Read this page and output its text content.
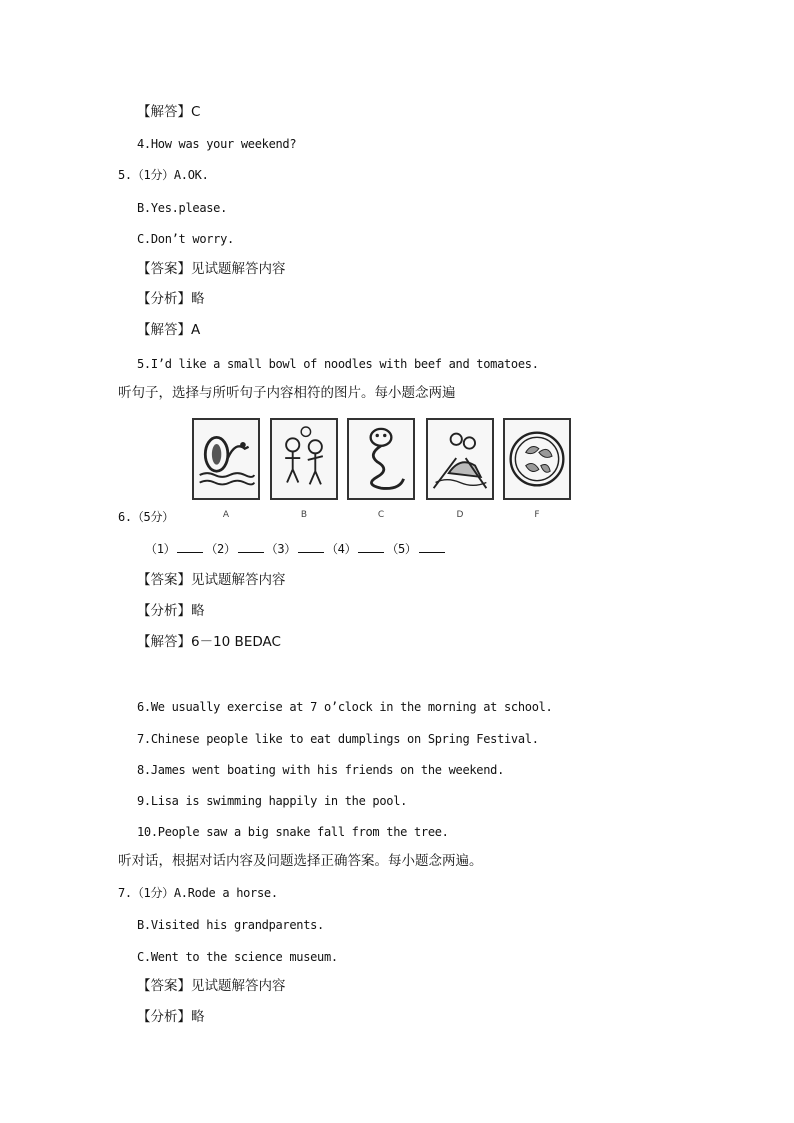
【解答】C
4.How was your weekend?
5.（1分）A.OK.
B.Yes.please.
C.Don’t worry.
【答案】见试题解答内容
【分析】略
【解答】A
5.I’d like a small bowl of noodles with beef and tomatoes.
听句子，选择与所听句子内容相符的图片。每小题念两遍
A	B	C	D	F
6.（5分）
（1）	（2）	（3）	（4）	（5）
【答案】见试题解答内容
【分析】略
【解答】6－10 BEDAC
6.We usually exercise at 7 o’clock in the morning at school.
7.Chinese people like to eat dumplings on Spring Festival.
8.James went boating with his friends on the weekend.
9.Lisa is swimming happily in the pool.
10.People saw a big snake fall from the tree.
听对话，根据对话内容及问题选择正确答案。每小题念两遍。
7.（1分）A.Rode a horse.
B.Visited his grandparents.
C.Went to the science museum.
【答案】见试题解答内容
【分析】略
